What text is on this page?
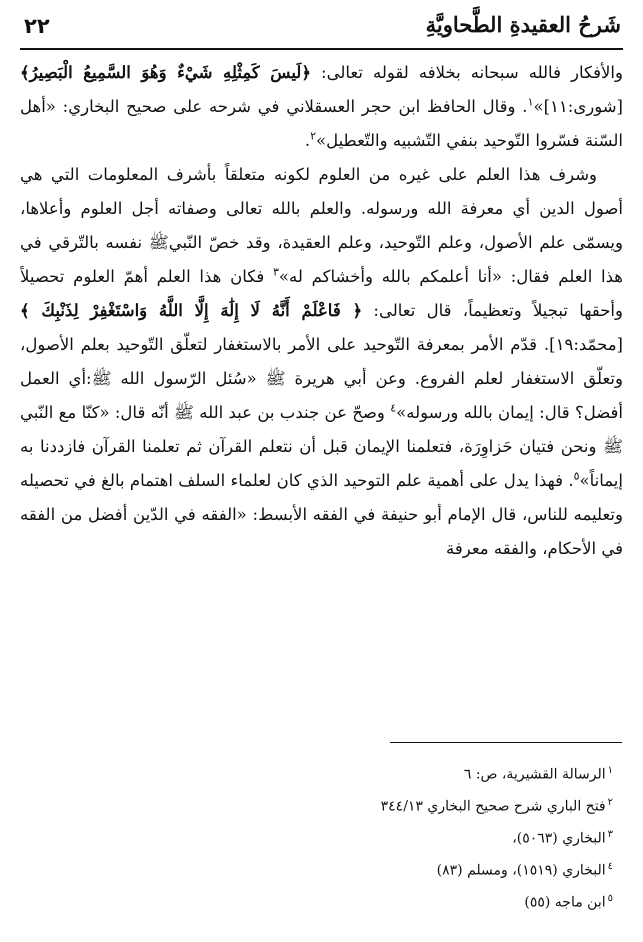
٢٢	شَرحُ العقيدةِ الطَّحاويَّةِ

والأفكار فالله سبحانه بخلافه لقوله تعالى: ﴿لَيسَ كَمِثْلِهِ شَيْءٌ وَهُوَ السَّمِيعُ الْبَصِيرُ﴾ [شورى:١١]»$^١$. وقال الحافظ ابن حجر العسقلاني في شرحه على صحيح البخاري: «أهل السّنة فسّروا التّوحيد بنفي التّشبيه والتّعطيل»$^٢$.

وشرف هذا العلم على غيره من العلوم لكونه متعلقاً بأشرف المعلومات التي هي أصول الدين أي معرفة الله ورسوله. والعلم بالله تعالى وصفاته أجل العلوم وأعلاها، ويسمّى علم الأصول، وعلم التّوحيد، وعلم العقيدة، وقد خصّ النّبيﷺ نفسه بالتّرقي في هذا العلم فقال: «أنا أعلمكم بالله وأخشاكم له»$^٣$ فكان هذا العلم أهمّ العلوم تحصيلاً وأحقها تبجيلاً وتعظيماً، قال تعالى: ﴿ فَاعْلَمْ أَنَّهُ لَا إِلَٰهَ إِلَّا اللَّهُ وَاسْتَغْفِرْ لِذَنْبِكَ ﴾ [محمّد:١٩]. قدّم الأمر بمعرفة التّوحيد على الأمر بالاستغفار لتعلّق التّوحيد بعلم الأصول، وتعلّق الاستغفار لعلم الفروع. وعن أبي هريرة ﷺ «سُئل الرّسول الله ﷺ:أي العمل أفضل؟ قال: إيمان بالله ورسوله»$^٤$ وصحّ عن جندب بن عبد الله ﷺ أنّه قال: «كنّا مع النّبي ﷺ ونحن فتيان حَزاوِرَة، فتعلمنا الإيمان قبل أن نتعلم القرآن ثم تعلمنا القرآن فازددنا به إيماناً»$^٥$. فهذا يدل على أهمية علم التوحيد الذي كان لعلماء السلف اهتمام بالغ في تحصيله وتعليمه للناس، قال الإمام أبو حنيفة في الفقه الأبسط: «الفقه في الدّين أفضل من الفقه في الأحكام، والفقه معرفة

$^١$الرسالة القشيرية، ص: ٦
$^٢$فتح الباري شرح صحيح البخاري ٣٤٤/١٣
$^٣$البخاري (٥٠٦٣)،
$^٤$البخاري (١٥١٩)، ومسلم (٨٣)
$^٥$ابن ماجه (٥٥)
